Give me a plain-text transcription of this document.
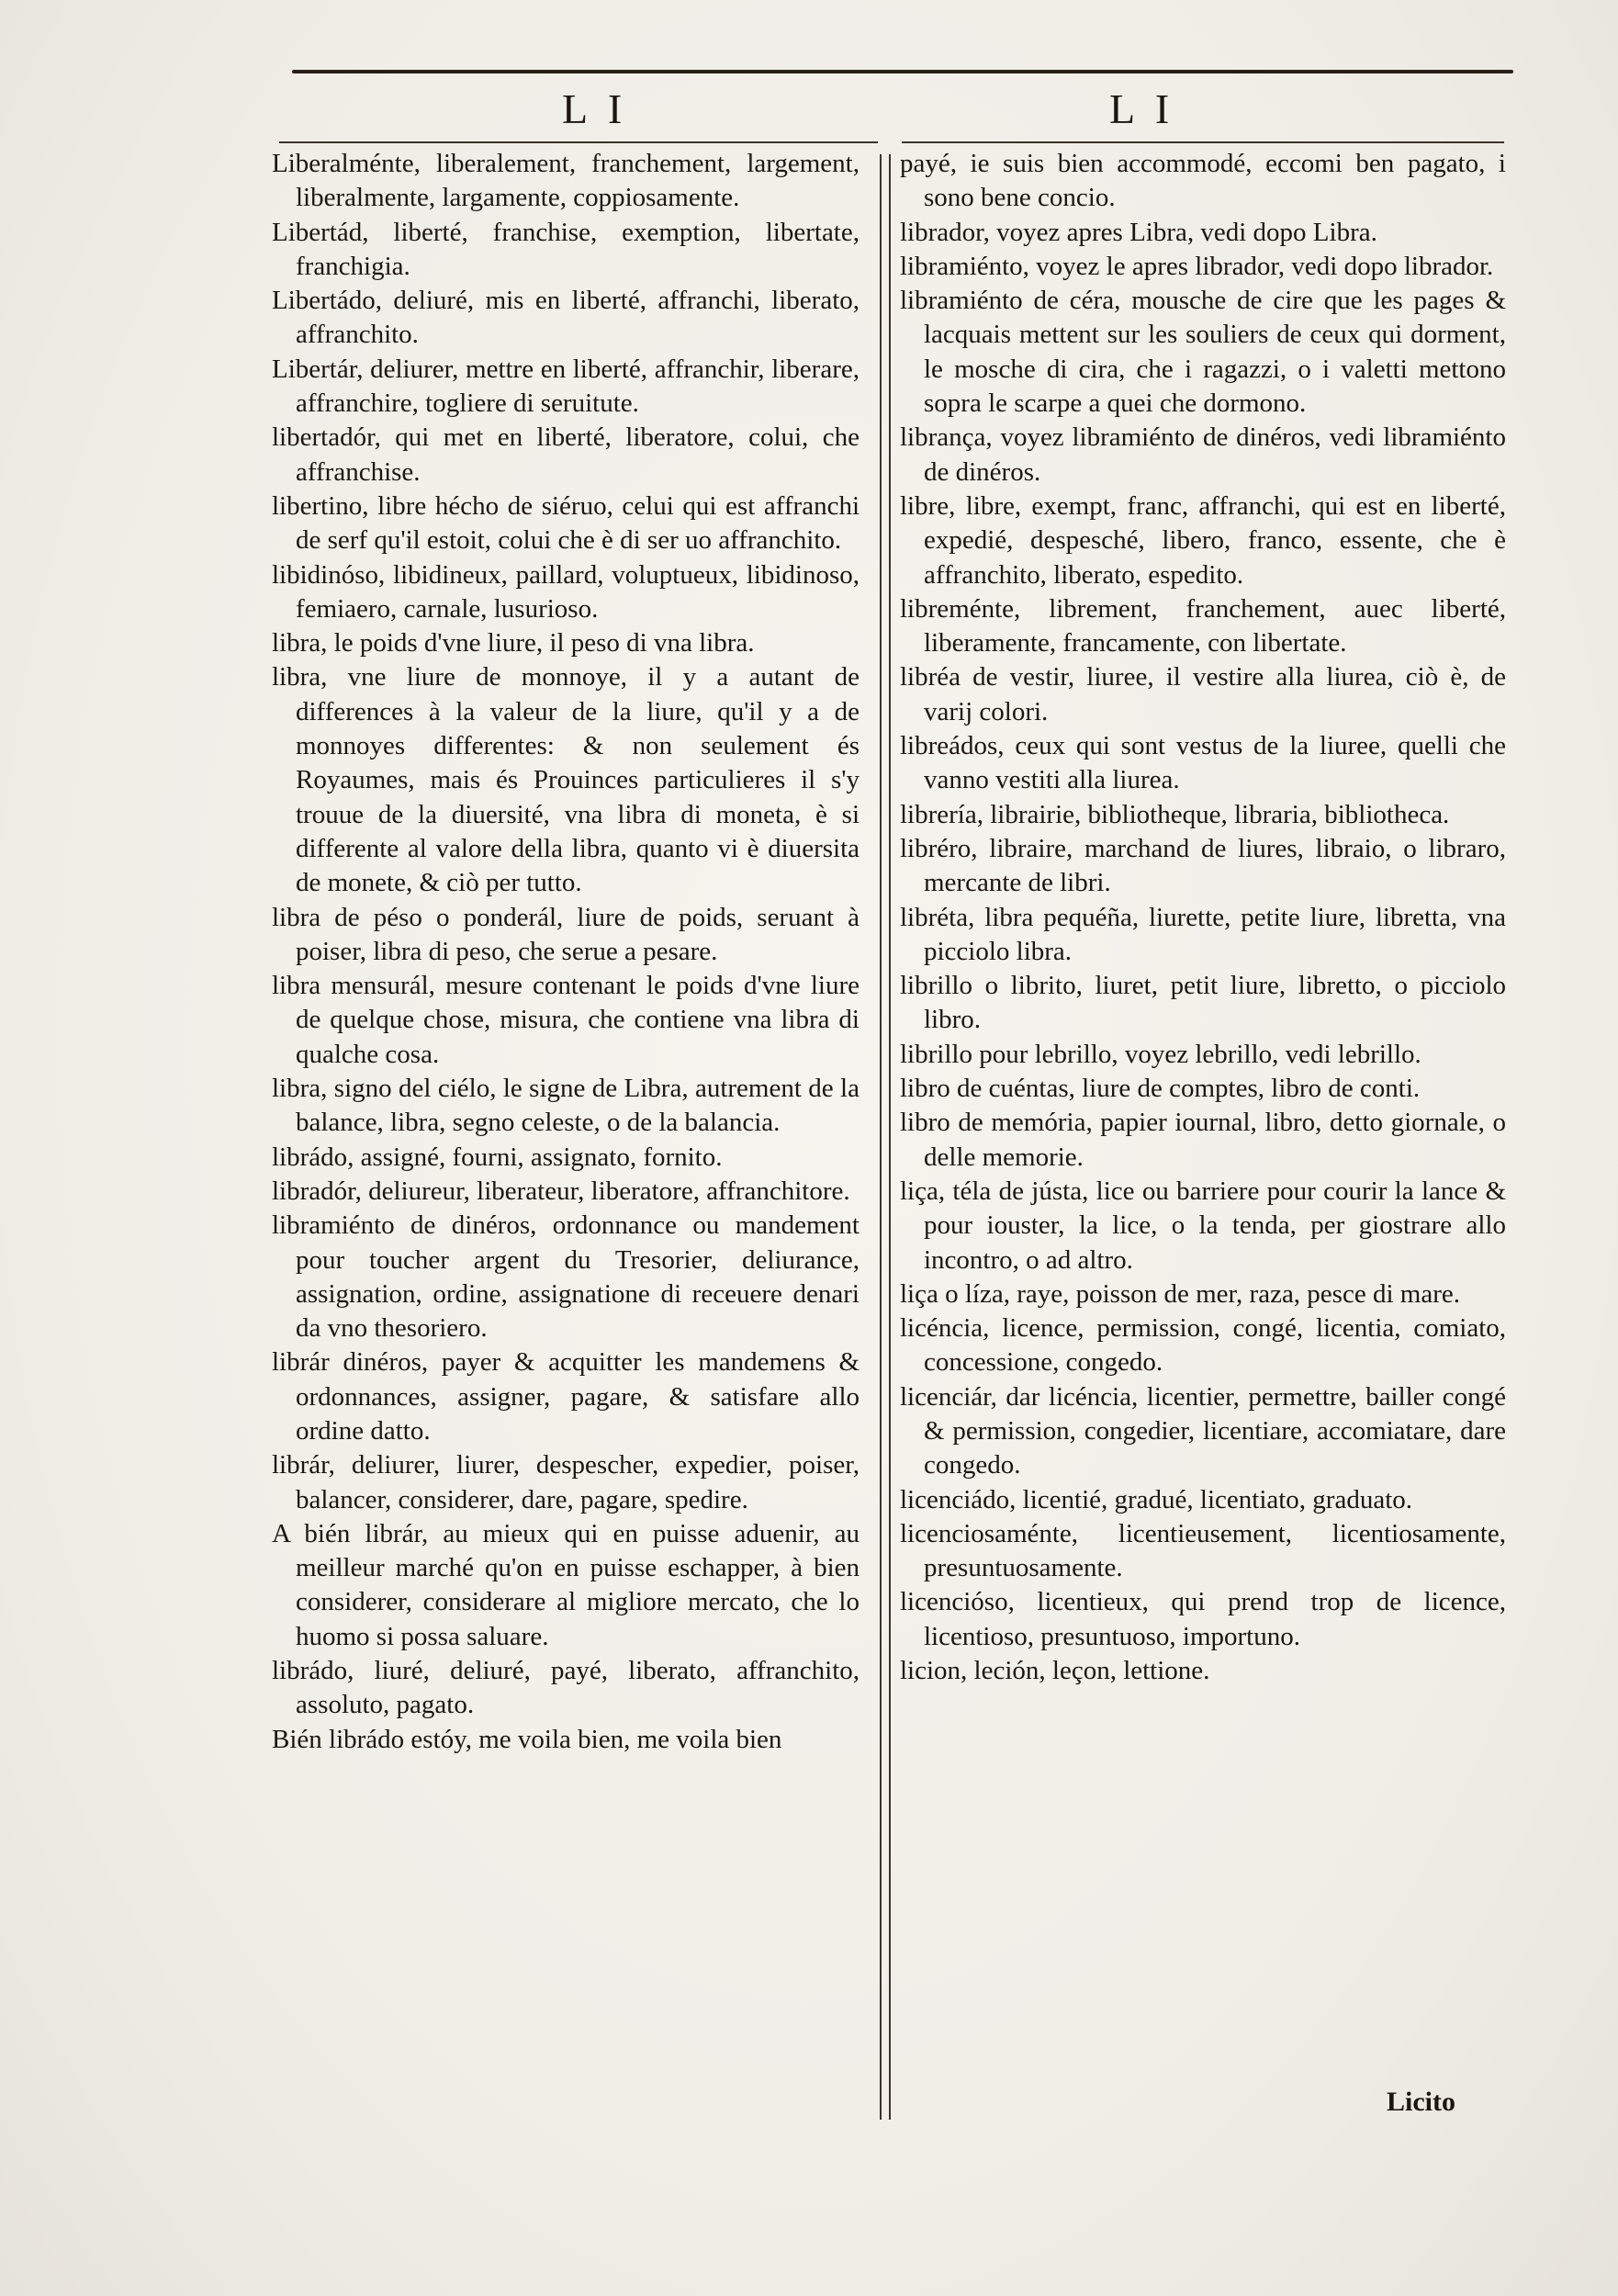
L I	L I

Liberalménte, liberalement, franchement, largement, liberalmente, largamente, coppiosamente.

Libertád, liberté, franchise, exemption, libertate, franchigia.

Libertádo, deliuré, mis en liberté, affranchi, liberato, affranchito.

Libertár, deliurer, mettre en liberté, affranchir, liberare, affranchire, togliere di seruitute.

libertadór, qui met en liberté, liberatore, colui, che affranchise.

libertino, libre hécho de siéruo, celui qui est affranchi de serf qu'il estoit, colui che è di ser uo affranchito.

libidinóso, libidineux, paillard, voluptueux, libidinoso, femiaero, carnale, lusurioso.

libra, le poids d'vne liure, il peso di vna libra.

libra, vne liure de monnoye, il y a autant de differences à la valeur de la liure, qu'il y a de monnoyes differentes: & non seulement és Royaumes, mais és Prouinces particulieres il s'y trouue de la diuersité, vna libra di moneta, è si differente al valore della libra, quanto vi è diuersita de monete, & ciò per tutto.

libra de péso o ponderál, liure de poids, seruant à poiser, libra di peso, che serue a pesare.

libra mensurál, mesure contenant le poids d'vne liure de quelque chose, misura, che contiene vna libra di qualche cosa.

libra, signo del ciélo, le signe de Libra, autrement de la balance, libra, segno celeste, o de la balancia.

librádo, assigné, fourni, assignato, fornito.

libradór, deliureur, liberateur, liberatore, affranchitore.

libramiénto de dinéros, ordonnance ou mandement pour toucher argent du Tresorier, deliurance, assignation, ordine, assignatione di receuere denari da vno thesoriero.

librár dinéros, payer & acquitter les mandemens & ordonnances, assigner, pagare, & satisfare allo ordine datto.

librár, deliurer, liurer, despescher, expedier, poiser, balancer, considerer, dare, pagare, spedire.

A bién librár, au mieux qui en puisse aduenir, au meilleur marché qu'on en puisse eschapper, à bien considerer, considerare al migliore mercato, che lo huomo si possa saluare.

librádo, liuré, deliuré, payé, liberato, affranchito, assoluto, pagato.

Bién librádo estóy, me voila bien, me voila bien

payé, ie suis bien accommodé, eccomi ben pagato, i sono bene concio.

librador, voyez apres Libra, vedi dopo Libra.

libramiénto, voyez le apres librador, vedi dopo librador.

libramiénto de céra, mousche de cire que les pages & lacquais mettent sur les souliers de ceux qui dorment, le mosche di cira, che i ragazzi, o i valetti mettono sopra le scarpe a quei che dormono.

librança, voyez libramiénto de dinéros, vedi libramiénto de dinéros.

libre, libre, exempt, franc, affranchi, qui est en liberté, expedié, despesché, libero, franco, essente, che è affranchito, liberato, espedito.

libreménte, librement, franchement, auec liberté, liberamente, francamente, con libertate.

libréa de vestir, liuree, il vestire alla liurea, ciò è, de varij colori.

libreádos, ceux qui sont vestus de la liuree, quelli che vanno vestiti alla liurea.

librería, librairie, bibliotheque, libraria, bibliotheca.

libréro, libraire, marchand de liures, libraio, o libraro, mercante de libri.

libréta, libra pequéña, liurette, petite liure, libretta, vna picciolo libra.

librillo o librito, liuret, petit liure, libretto, o picciolo libro.

librillo pour lebrillo, voyez lebrillo, vedi lebrillo.

libro de cuéntas, liure de comptes, libro de conti.

libro de memória, papier iournal, libro, detto giornale, o delle memorie.

liça, téla de jústa, lice ou barriere pour courir la lance & pour iouster, la lice, o la tenda, per giostrare allo incontro, o ad altro.

liça o líza, raye, poisson de mer, raza, pesce di mare.

licéncia, licence, permission, congé, licentia, comiato, concessione, congedo.

licenciár, dar licéncia, licentier, permettre, bailler congé & permission, congedier, licentiare, accomiatare, dare congedo.

licenciádo, licentié, gradué, licentiato, graduato.

licenciosaménte, licentieusement, licentiosamente, presuntuosamente.

licencióso, licentieux, qui prend trop de licence, licentioso, presuntuoso, importuno.

licion, leción, leçon, lettione.

Licito
